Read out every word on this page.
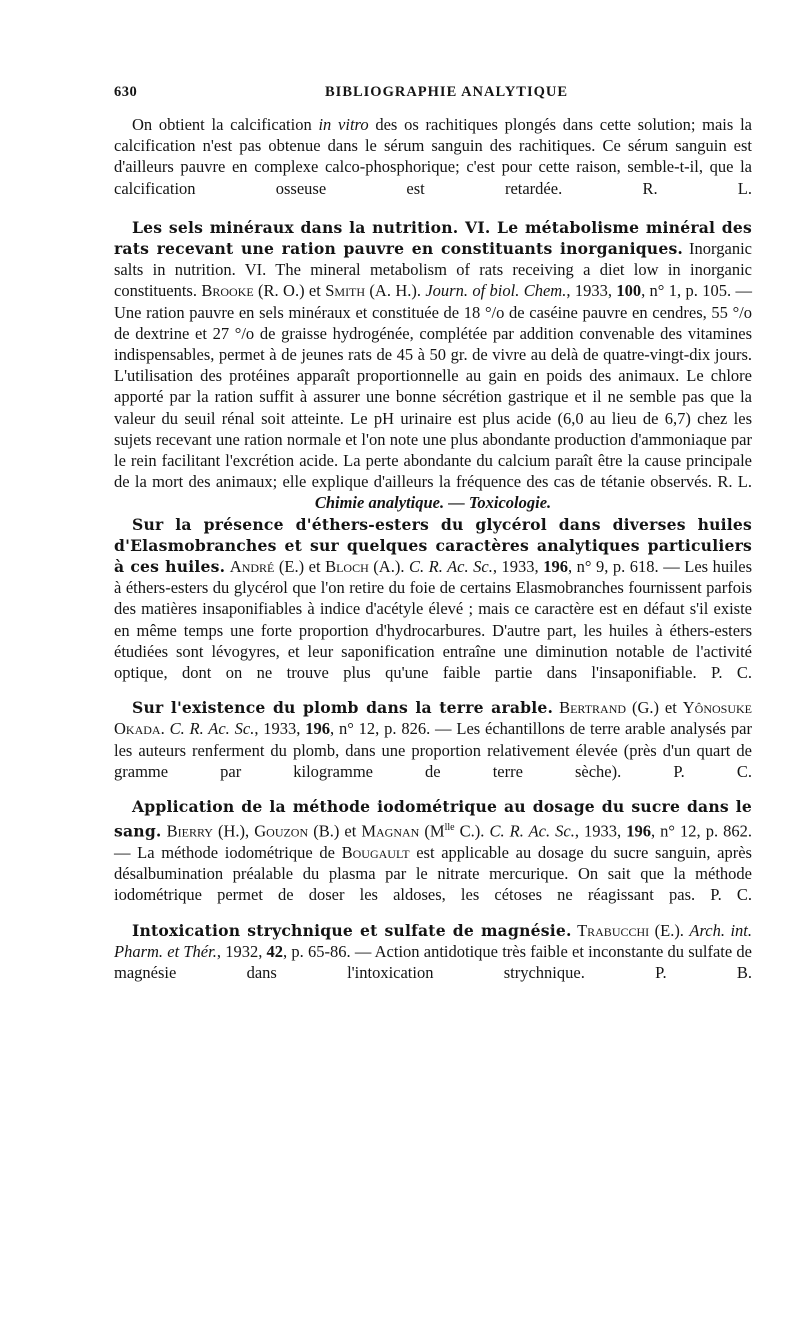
630	BIBLIOGRAPHIE ANALYTIQUE

On obtient la calcification in vitro des os rachitiques plongés dans cette solution; mais la calcification n'est pas obtenue dans le sérum sanguin des rachitiques. Ce sérum sanguin est d'ailleurs pauvre en complexe calco-phosphorique; c'est pour cette raison, semble-t-il, que la calcification osseuse est retardée.	R. L.

Les sels minéraux dans la nutrition. VI. Le métabolisme minéral des rats recevant une ration pauvre en constituants inorganiques. Inorganic salts in nutrition. VI. The mineral metabolism of rats receiving a diet low in inorganic constituents. Brooke (R. O.) et Smith (A. H.). Journ. of biol. Chem., 1933, 100, n° 1, p. 105. — Une ration pauvre en sels minéraux et constituée de 18 °/o de caséine pauvre en cendres, 55 °/o de dextrine et 27 °/o de graisse hydrogénée, complétée par addition convenable des vitamines indispensables, permet à de jeunes rats de 45 à 50 gr. de vivre au delà de quatre-vingt-dix jours. L'utilisation des protéines apparaît proportionnelle au gain en poids des animaux. Le chlore apporté par la ration suffit à assurer une bonne sécrétion gastrique et il ne semble pas que la valeur du seuil rénal soit atteinte. Le pH urinaire est plus acide (6,0 au lieu de 6,7) chez les sujets recevant une ration normale et l'on note une plus abondante production d'ammoniaque par le rein facilitant l'excrétion acide. La perte abondante du calcium paraît être la cause principale de la mort des animaux; elle explique d'ailleurs la fréquence des cas de tétanie observés. R. L.

Chimie analytique. — Toxicologie.

Sur la présence d'éthers-esters du glycérol dans diverses huiles d'Elasmobranches et sur quelques caractères analytiques particuliers à ces huiles. André (E.) et Bloch (A.). C. R. Ac. Sc., 1933, 196, n° 9, p. 618. — Les huiles à éthers-esters du glycérol que l'on retire du foie de certains Elasmobranches fournissent parfois des matières insaponifiables à indice d'acétyle élevé ; mais ce caractère est en défaut s'il existe en même temps une forte proportion d'hydrocarbures. D'autre part, les huiles à éthers-esters étudiées sont lévogyres, et leur saponification entraîne une diminution notable de l'activité optique, dont on ne trouve plus qu'une faible partie dans l'insaponifiable. P. C.

Sur l'existence du plomb dans la terre arable. Bertrand (G.) et Yônosuke Okada. C. R. Ac. Sc., 1933, 196, n° 12, p. 826. — Les échantillons de terre arable analysés par les auteurs renferment du plomb, dans une proportion relativement élevée (près d'un quart de gramme par kilogramme de terre sèche).	P. C.

Application de la méthode iodométrique au dosage du sucre dans le sang. Bierry (H.), Gouzon (B.) et Magnan ($M^{lle}$ C.). C. R. Ac. Sc., 1933, 196, n° 12, p. 862. — La méthode iodométrique de Bougault est applicable au dosage du sucre sanguin, après désalbumination préalable du plasma par le nitrate mercurique. On sait que la méthode iodométrique permet de doser les aldoses, les cétoses ne réagissant pas. P. C.

Intoxication strychnique et sulfate de magnésie. Trabucchi (E.). Arch. int. Pharm. et Thér., 1932, 42, p. 65-86. — Action antidotique très faible et inconstante du sulfate de magnésie dans l'intoxication strychnique.	P. B.
